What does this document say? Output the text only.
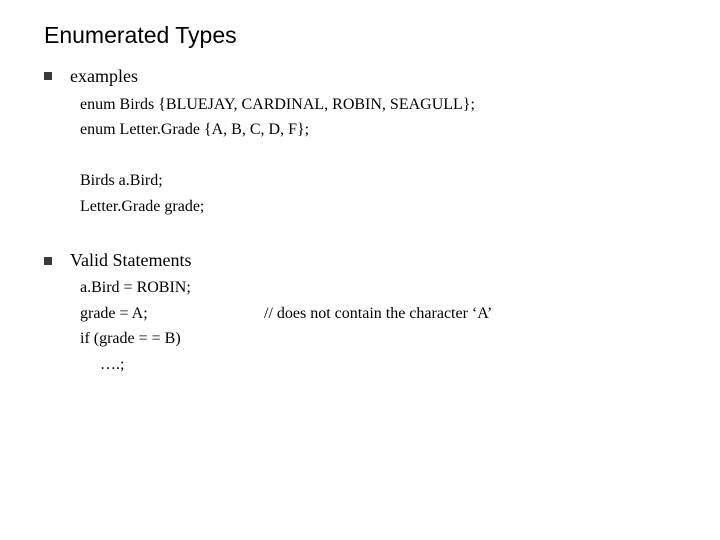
Enumerated Types
examples
enum Birds {BLUEJAY, CARDINAL, ROBIN, SEAGULL};
enum Letter.Grade {A, B, C, D, F};
Birds a.Bird;
Letter.Grade grade;
Valid Statements
a.Bird = ROBIN;
grade = A;	// does not contain the character ‘A’
if (grade = = B)
….;
